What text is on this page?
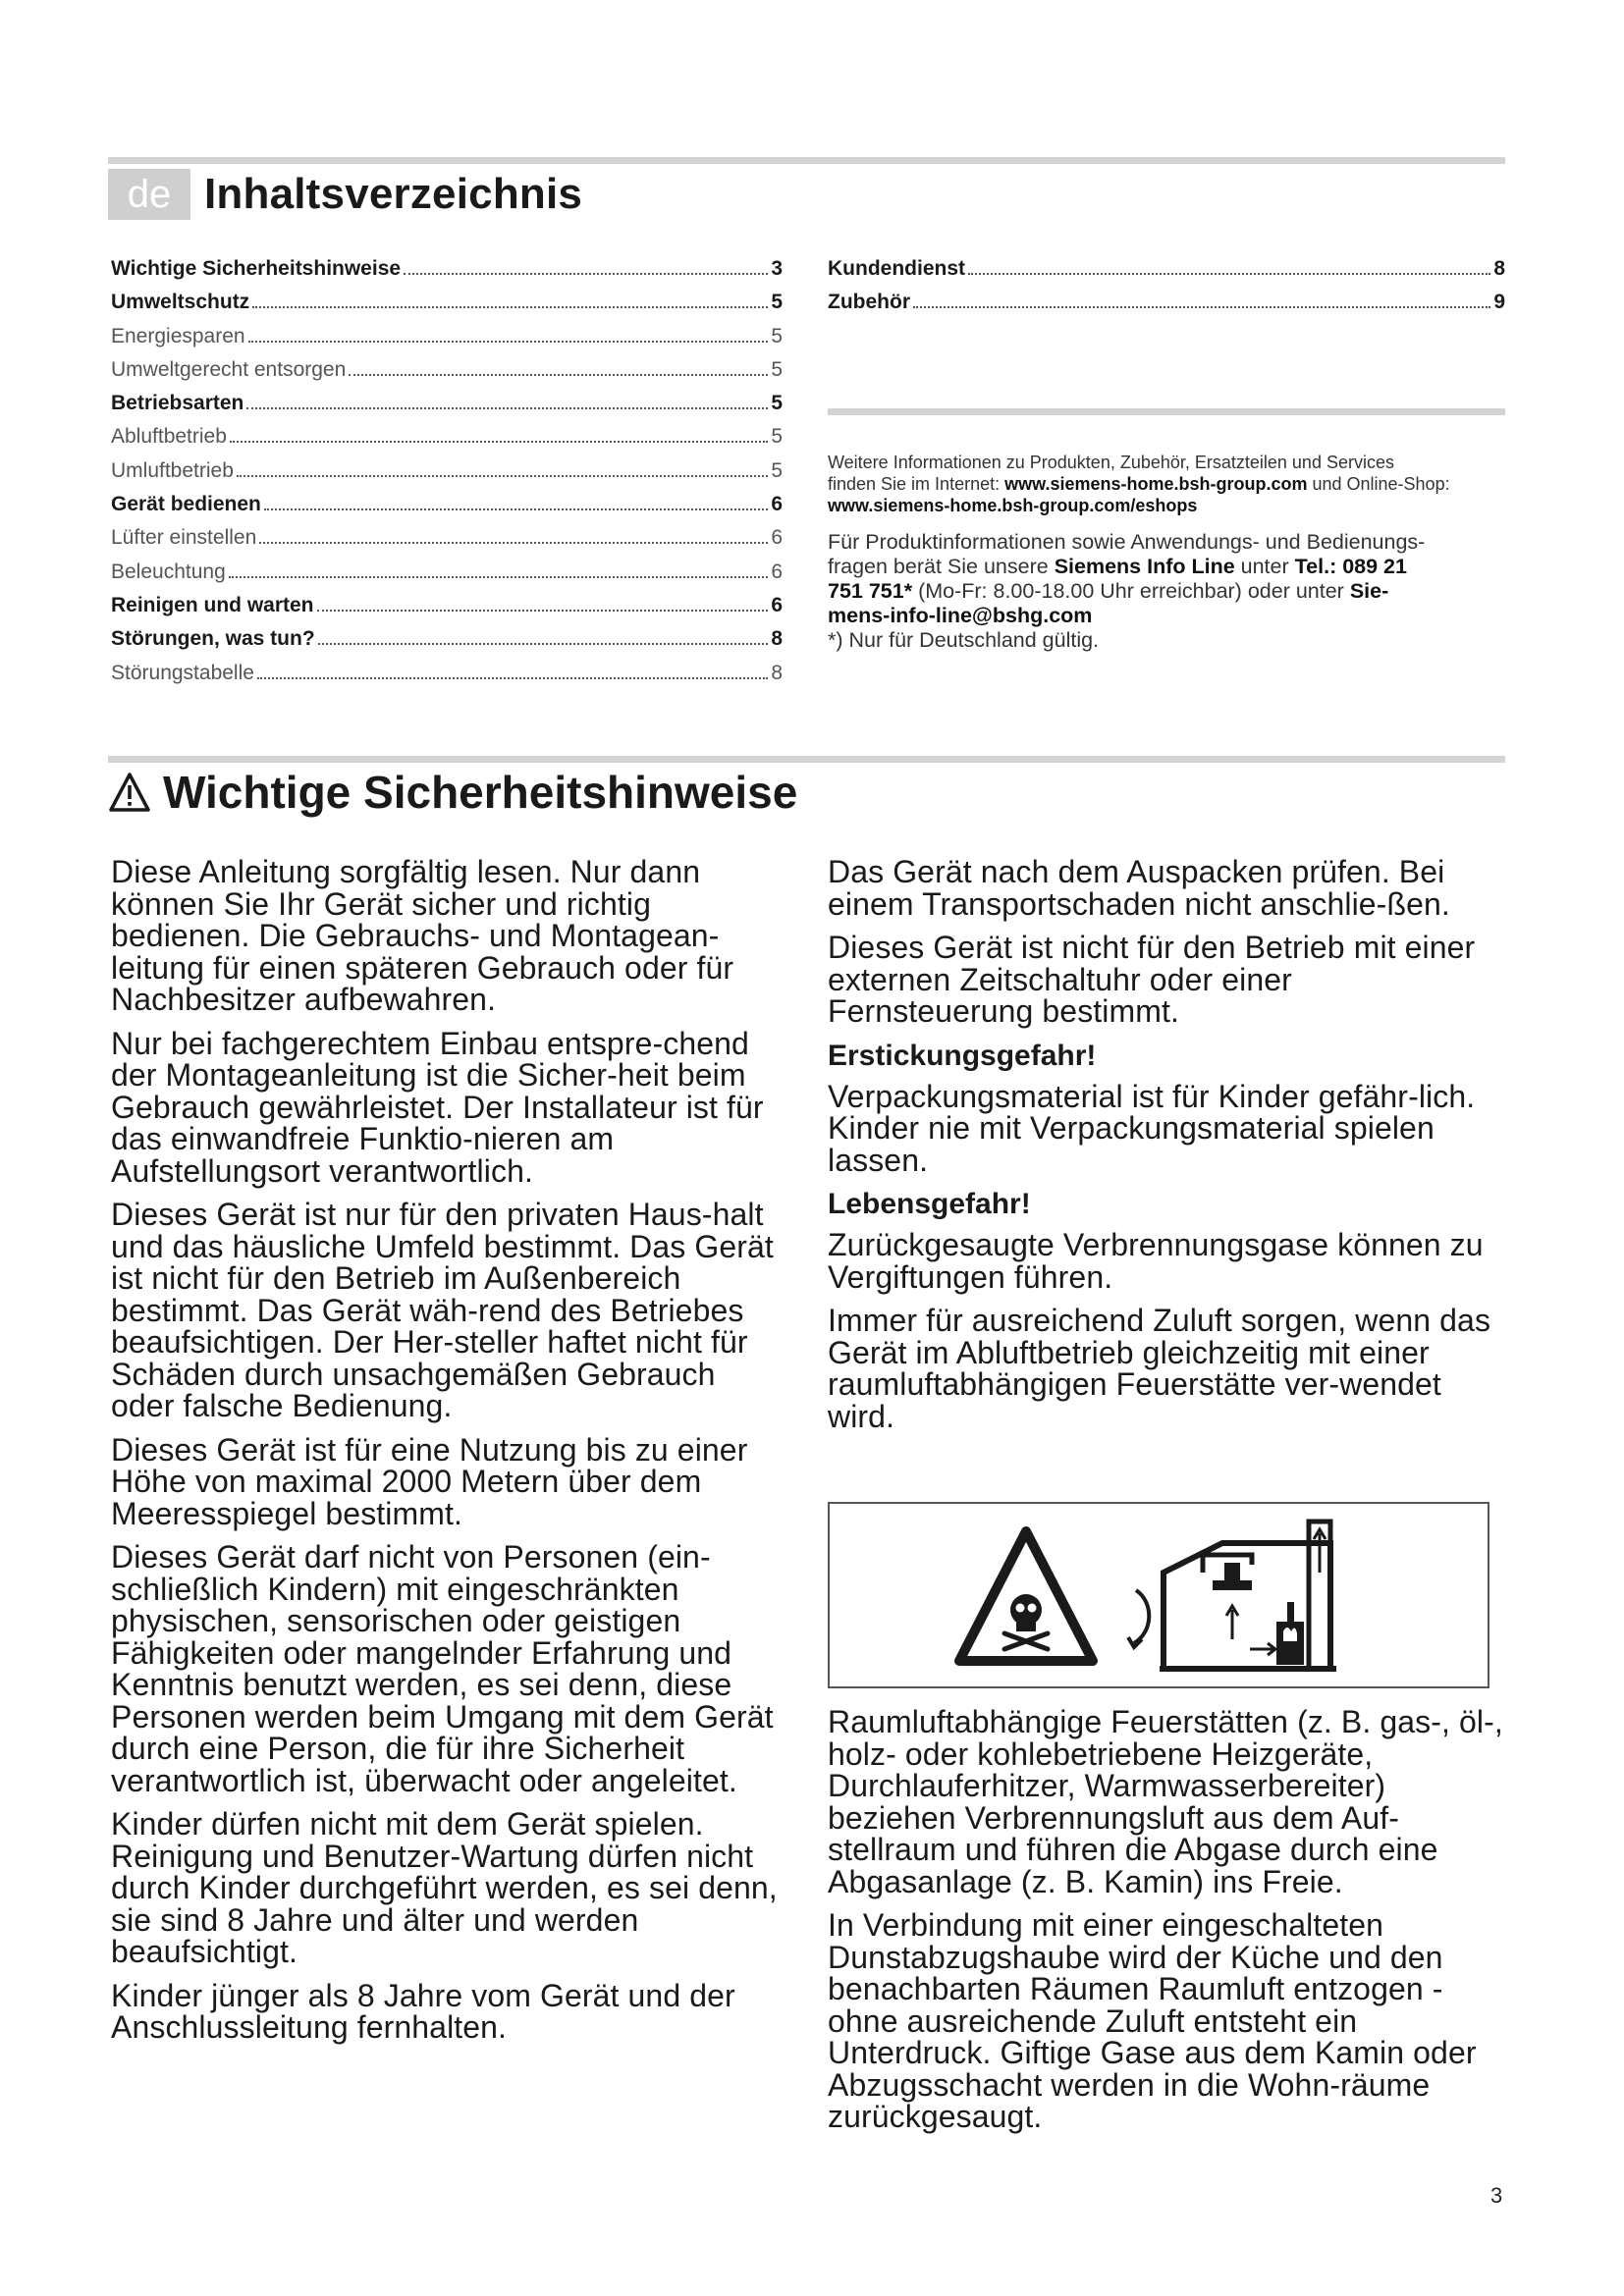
de Inhaltsverzeichnis
Wichtige Sicherheitshinweise	3
Umweltschutz	5
Energiesparen	5
Umweltgerecht entsorgen	5
Betriebsarten	5
Abluftbetrieb	5
Umluftbetrieb	5
Gerät bedienen	6
Lüfter einstellen	6
Beleuchtung	6
Reinigen und warten	6
Störungen, was tun?	8
Störungstabelle	8
Kundendienst	8
Zubehör	9
Weitere Informationen zu Produkten, Zubehör, Ersatzteilen und Services
finden Sie im Internet: www.siemens-home.bsh-group.com und Online-Shop:
www.siemens-home.bsh-group.com/eshops
Für Produktinformationen sowie Anwendungs- und Bedienungs-
fragen berät Sie unsere Siemens Info Line unter Tel.: 089 21
751 751* (Mo-Fr: 8.00-18.00 Uhr erreichbar) oder unter Sie-
mens-info-line@bshg.com
*) Nur für Deutschland gültig.
Wichtige Sicherheitshinweise

Diese Anleitung sorgfältig lesen. Nur dann können Sie Ihr Gerät sicher und richtig bedienen. Die Gebrauchs- und Montagean-leitung für einen späteren Gebrauch oder für Nachbesitzer aufbewahren.

Nur bei fachgerechtem Einbau entspre-chend der Montageanleitung ist die Sicher-heit beim Gebrauch gewährleistet. Der Installateur ist für das einwandfreie Funktio-nieren am Aufstellungsort verantwortlich.

Dieses Gerät ist nur für den privaten Haus-halt und das häusliche Umfeld bestimmt. Das Gerät ist nicht für den Betrieb im Außenbereich bestimmt. Das Gerät wäh-rend des Betriebes beaufsichtigen. Der Her-steller haftet nicht für Schäden durch unsachgemäßen Gebrauch oder falsche Bedienung.

Dieses Gerät ist für eine Nutzung bis zu einer Höhe von maximal 2000 Metern über dem Meeresspiegel bestimmt.

Dieses Gerät darf nicht von Personen (ein-schließlich Kindern) mit eingeschränkten physischen, sensorischen oder geistigen Fähigkeiten oder mangelnder Erfahrung und Kenntnis benutzt werden, es sei denn, diese Personen werden beim Umgang mit dem Gerät durch eine Person, die für ihre Sicherheit verantwortlich ist, überwacht oder angeleitet.

Kinder dürfen nicht mit dem Gerät spielen. Reinigung und Benutzer-Wartung dürfen nicht durch Kinder durchgeführt werden, es sei denn, sie sind 8 Jahre und älter und werden beaufsichtigt.

Kinder jünger als 8 Jahre vom Gerät und der Anschlussleitung fernhalten.

Das Gerät nach dem Auspacken prüfen. Bei einem Transportschaden nicht anschlie-ßen.

Dieses Gerät ist nicht für den Betrieb mit einer externen Zeitschaltuhr oder einer Fernsteuerung bestimmt.

Erstickungsgefahr!

Verpackungsmaterial ist für Kinder gefähr-lich. Kinder nie mit Verpackungsmaterial spielen lassen.

Lebensgefahr!

Zurückgesaugte Verbrennungsgase können zu Vergiftungen führen.

Immer für ausreichend Zuluft sorgen, wenn das Gerät im Abluftbetrieb gleichzeitig mit einer raumluftabhängigen Feuerstätte ver-wendet wird.

Raumluftabhängige Feuerstätten (z. B. gas-, öl-, holz- oder kohlebetriebene Heizgeräte, Durchlauferhitzer, Warmwasserbereiter) beziehen Verbrennungsluft aus dem Auf-stellraum und führen die Abgase durch eine Abgasanlage (z. B. Kamin) ins Freie.

In Verbindung mit einer eingeschalteten Dunstabzugshaube wird der Küche und den benachbarten Räumen Raumluft entzogen - ohne ausreichende Zuluft entsteht ein Unterdruck. Giftige Gase aus dem Kamin oder Abzugsschacht werden in die Wohn-räume zurückgesaugt.

3
